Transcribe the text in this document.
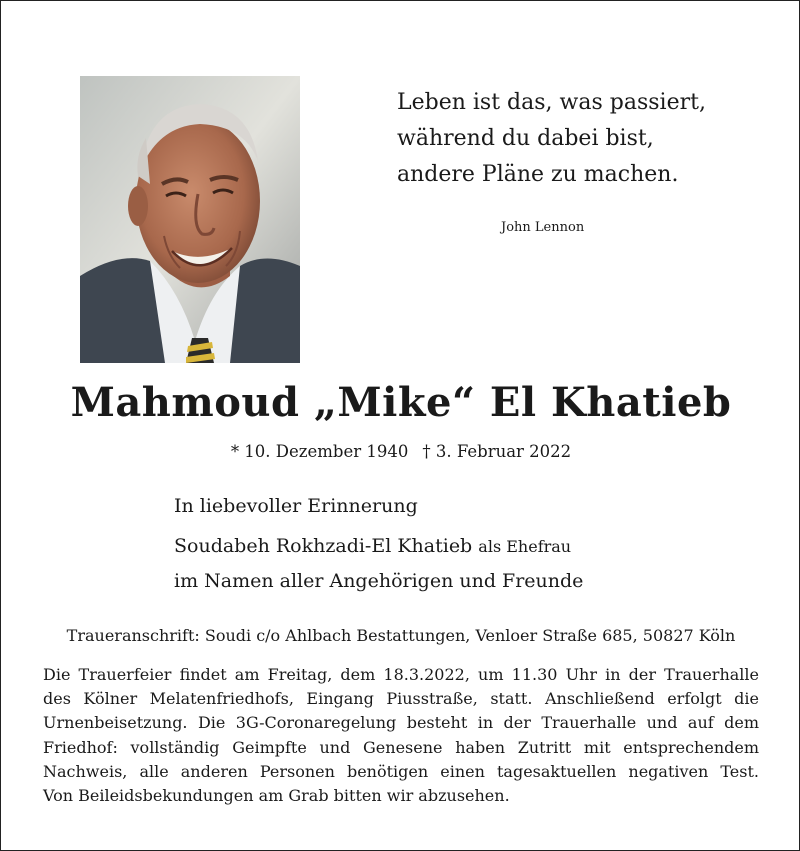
Leben ist das, was passiert,
während du dabei bist,
andere Pläne zu machen.
John Lennon
Mahmoud „Mike“ El Khatieb
* 10. Dezember 1940 † 3. Februar 2022
In liebevoller Erinnerung
Soudabeh Rokhzadi-El Khatieb als Ehefrau
im Namen aller Angehörigen und Freunde
Traueranschrift: Soudi c/o Ahlbach Bestattungen, Venloer Straße 685, 50827 Köln
Die Trauerfeier findet am Freitag, dem 18.3.2022, um 11.30 Uhr in der Trauerhalle
des Kölner Melatenfriedhofs, Eingang Piusstraße, statt. Anschließend erfolgt die
Urnenbeisetzung. Die 3G-Coronaregelung besteht in der Trauerhalle und auf dem
Friedhof: vollständig Geimpfte und Genesene haben Zutritt mit entsprechendem
Nachweis, alle anderen Personen benötigen einen tagesaktuellen negativen Test.
Von Beileidsbekundungen am Grab bitten wir abzusehen.
